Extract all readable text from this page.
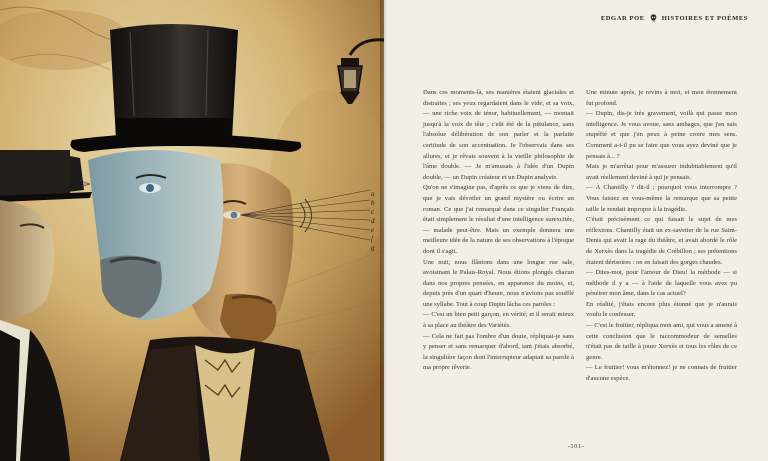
a
b
c
d
e
f
g
EDGAR POE	HISTOIRES ET POÈMES

Dans ces moments-là, ses manières étaient glaciales et distraites ; ses yeux regardaient dans le vide, et sa voix, — une riche voix de ténor, habituellement, — montait jusqu'à la voix de tête ; c'eût été de la pétulance, sans l'absolue délibération de son parler et la parfaite certitude de son accentuation. Je l'observais dans ses allures, et je rêvais souvent à la vieille philosophie de l'âme double. — Je m'amusais à l'idée d'un Dupin double, — un Dupin créateur et un Dupin analyste.

Qu'on ne s'imagine pas, d'après ce que je viens de dire, que je vais dévoiler un grand mystère ou écrire un roman. Ce que j'ai remarqué dans ce singulier Français était simplement le résultat d'une intelligence surexcitée, — malade peut-être. Mais un exemple donnera une meilleure idée de la nature de ses observations à l'époque dont il s'agit.

Une nuit, nous flânions dans une longue rue sale, avoisinant le Palais-Royal. Nous étions plongés chacun dans nos propres pensées, en apparence du moins, et, depuis près d'un quart d'heure, nous n'avions pas soufflé une syllabe. Tout à coup Dupin lâcha ces paroles :

— C'est un bien petit garçon, en vérité; et il serait mieux à sa place au théâtre des Variétés.

— Cela ne fait pas l'ombre d'un doute, répliquai-je sans y penser et sans remarquer d'abord, tant j'étais absorbé, la singulière façon dont l'interrupteur adaptait sa parole à ma propre rêverie.

Une minute après, je revins à moi, et mon étonnement fut profond.

— Dupin, dis-je très gravement, voilà qui passe mon intelligence. Je vous avoue, sans ambages, que j'en suis stupéfié et que j'en peux à peine croire mes sens. Comment a-t-il pu se faire que vous ayez deviné que je pensais à... ?

Mais je m'arrêtai pour m'assurer indubitablement qu'il avait réellement deviné à qui je pensais.

— À Chantilly ? dit-il ; pourquoi vous interrompre ? Vous faisiez en vous-même la remarque que sa petite taille le rendait impropre à la tragédie.

C'était précisément ce qui faisait le sujet de mes réflexions. Chantilly était un ex-savetier de la rue Saint-Denis qui avait la rage du théâtre, et avait abordé le rôle de Xerxès dans la tragédie de Crébillon ; ses prétentions étaient dérisoires : on en faisait des gorges chaudes.

— Dites-moi, pour l'amour de Dieu! la méthode — si méthode il y a — à l'aide de laquelle vous avez pu pénétrer mon âme, dans le cas actuel?

En réalité, j'étais encore plus étonné que je n'aurais voulu le confesser.

— C'est le fruitier, répliqua mon ami, qui vous a amené à cette conclusion que le raccommodeur de semelles n'était pas de taille à jouer Xerxès et tous les rôles de ce genre.

— Le fruitier! vous m'étonnez! je ne connais de fruitier d'aucune espèce.

-101-
